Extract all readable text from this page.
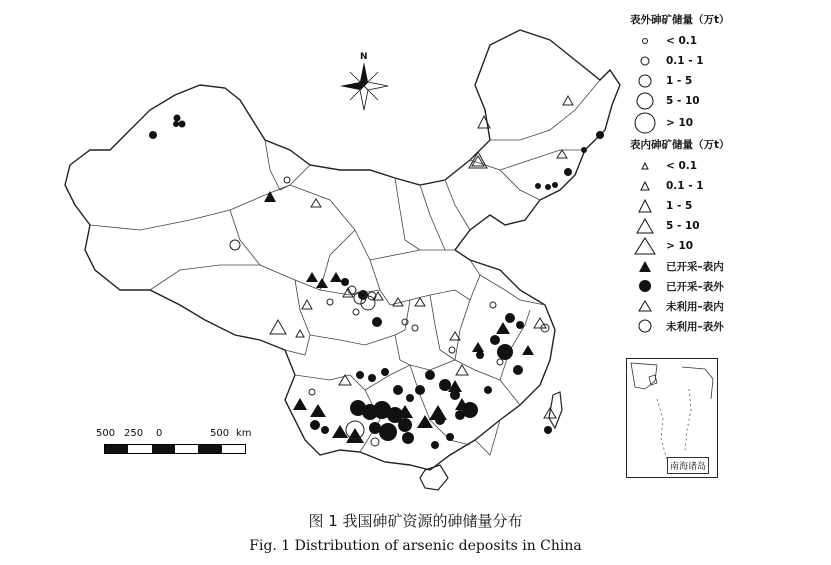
N
表外砷矿储量（万t）
< 0.1
0.1 - 1
1 - 5
5 - 10
> 10
表内砷矿储量（万t）
< 0.1
0.1 - 1
1 - 5
5 - 10
> 10
已开采–表内
已开采–表外
未利用–表内
未利用–表外
500 250 0	500 km
南海诸岛
图 1 我国砷矿资源的砷储量分布
Fig. 1 Distribution of arsenic deposits in China
